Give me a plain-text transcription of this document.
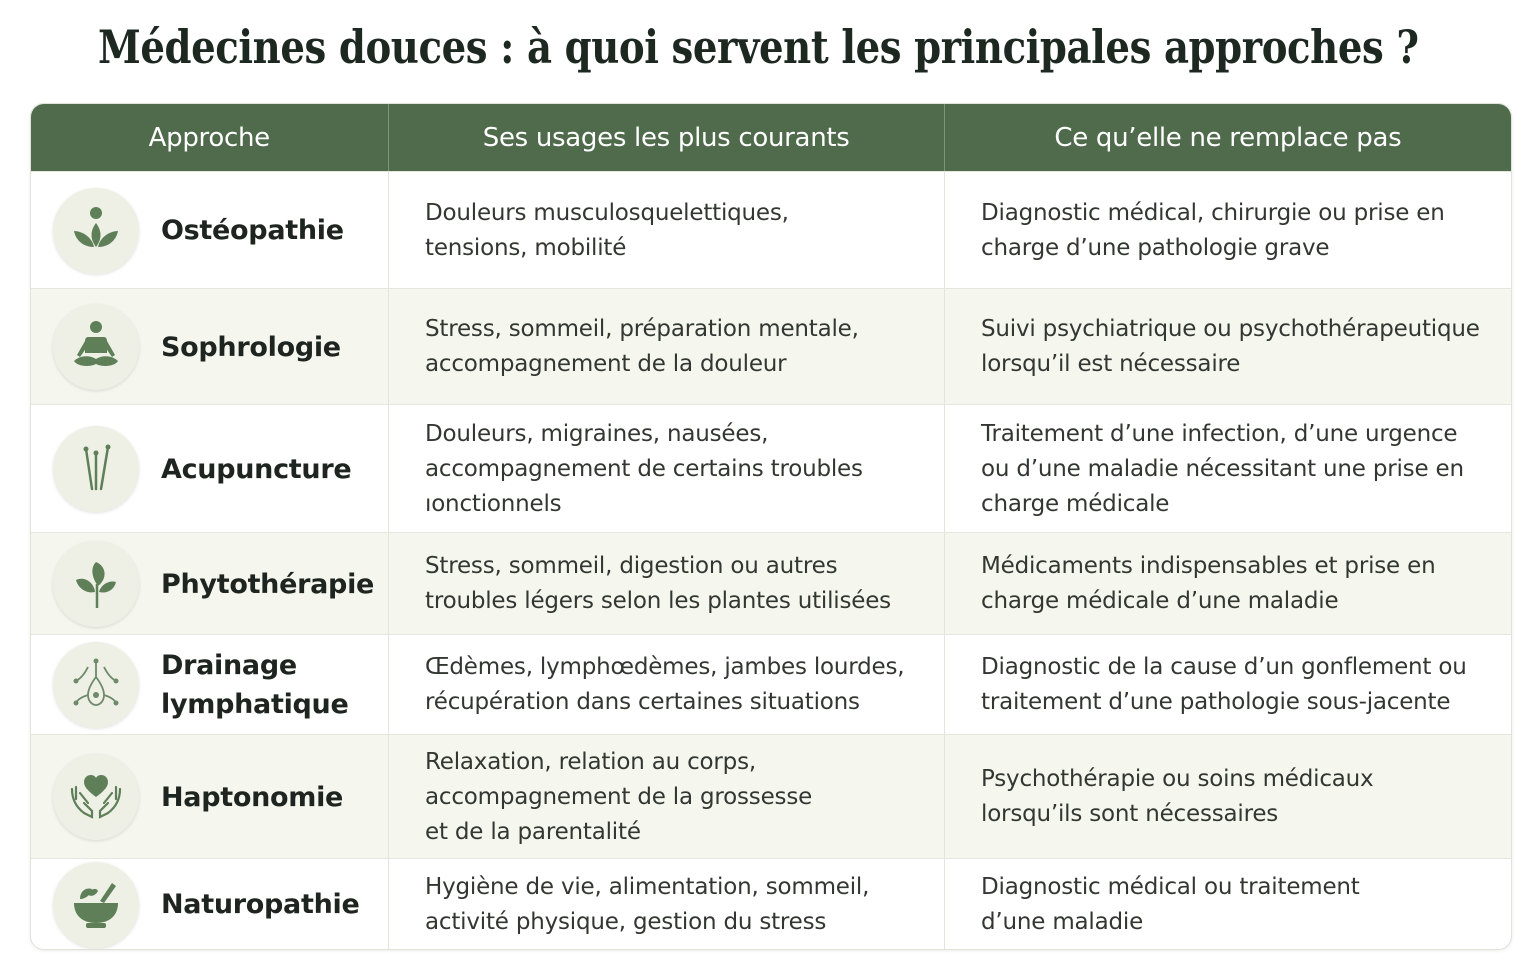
Médecines douces : à quoi servent les principales approches ?
Approche	Ses usages les plus courants	Ce qu’elle ne remplace pas
Ostéopathie
Douleurs musculosquelettiques,
tensions, mobilité
Diagnostic médical, chirurgie ou prise en
charge d’une pathologie grave
Sophrologie
Stress, sommeil, préparation mentale,
accompagnement de la douleur
Suivi psychiatrique ou psychothérapeutique
lorsqu’il est nécessaire
Acupuncture
Douleurs, migraines, nausées,
accompagnement de certains troubles
ıonctionnels
Traitement d’une infection, d’une urgence
ou d’une maladie nécessitant une prise en
charge médicale
Phytothérapie
Stress, sommeil, digestion ou autres
troubles légers selon les plantes utilisées
Médicaments indispensables et prise en
charge médicale d’une maladie
Drainage
lymphatique
Œdèmes, lymphœdèmes, jambes lourdes,
récupération dans certaines situations
Diagnostic de la cause d’un gonflement ou
traitement d’une pathologie sous-jacente
Haptonomie
Relaxation, relation au corps,
accompagnement de la grossesse
et de la parentalité
Psychothérapie ou soins médicaux
lorsqu’ils sont nécessaires
Naturopathie
Hygiène de vie, alimentation, sommeil,
activité physique, gestion du stress
Diagnostic médical ou traitement
d’une maladie
